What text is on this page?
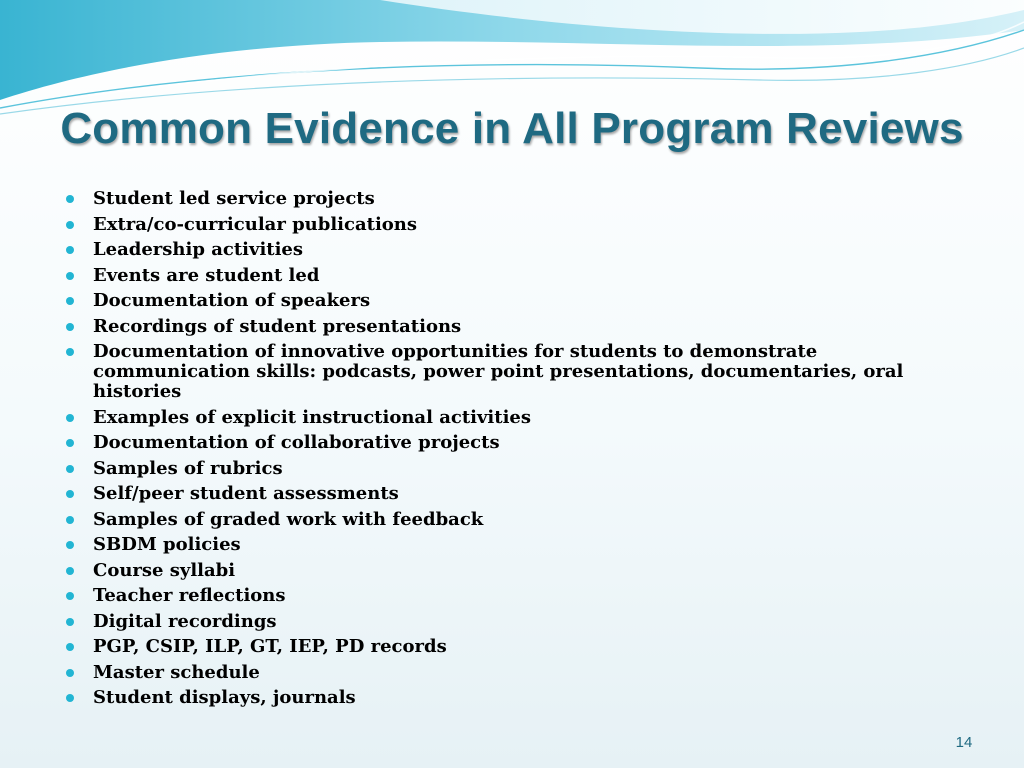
Common Evidence in All Program Reviews
Student led service projects
Extra/co-curricular publications
Leadership activities
Events are student led
Documentation of speakers
Recordings of student presentations
Documentation of innovative opportunities for students to demonstrate communication skills: podcasts, power point presentations, documentaries, oral histories
Examples of explicit instructional activities
Documentation of collaborative projects
Samples of rubrics
Self/peer student assessments
Samples of graded work with feedback
SBDM policies
Course syllabi
Teacher reflections
Digital recordings
PGP, CSIP, ILP, GT, IEP, PD records
Master schedule
Student displays, journals
14
